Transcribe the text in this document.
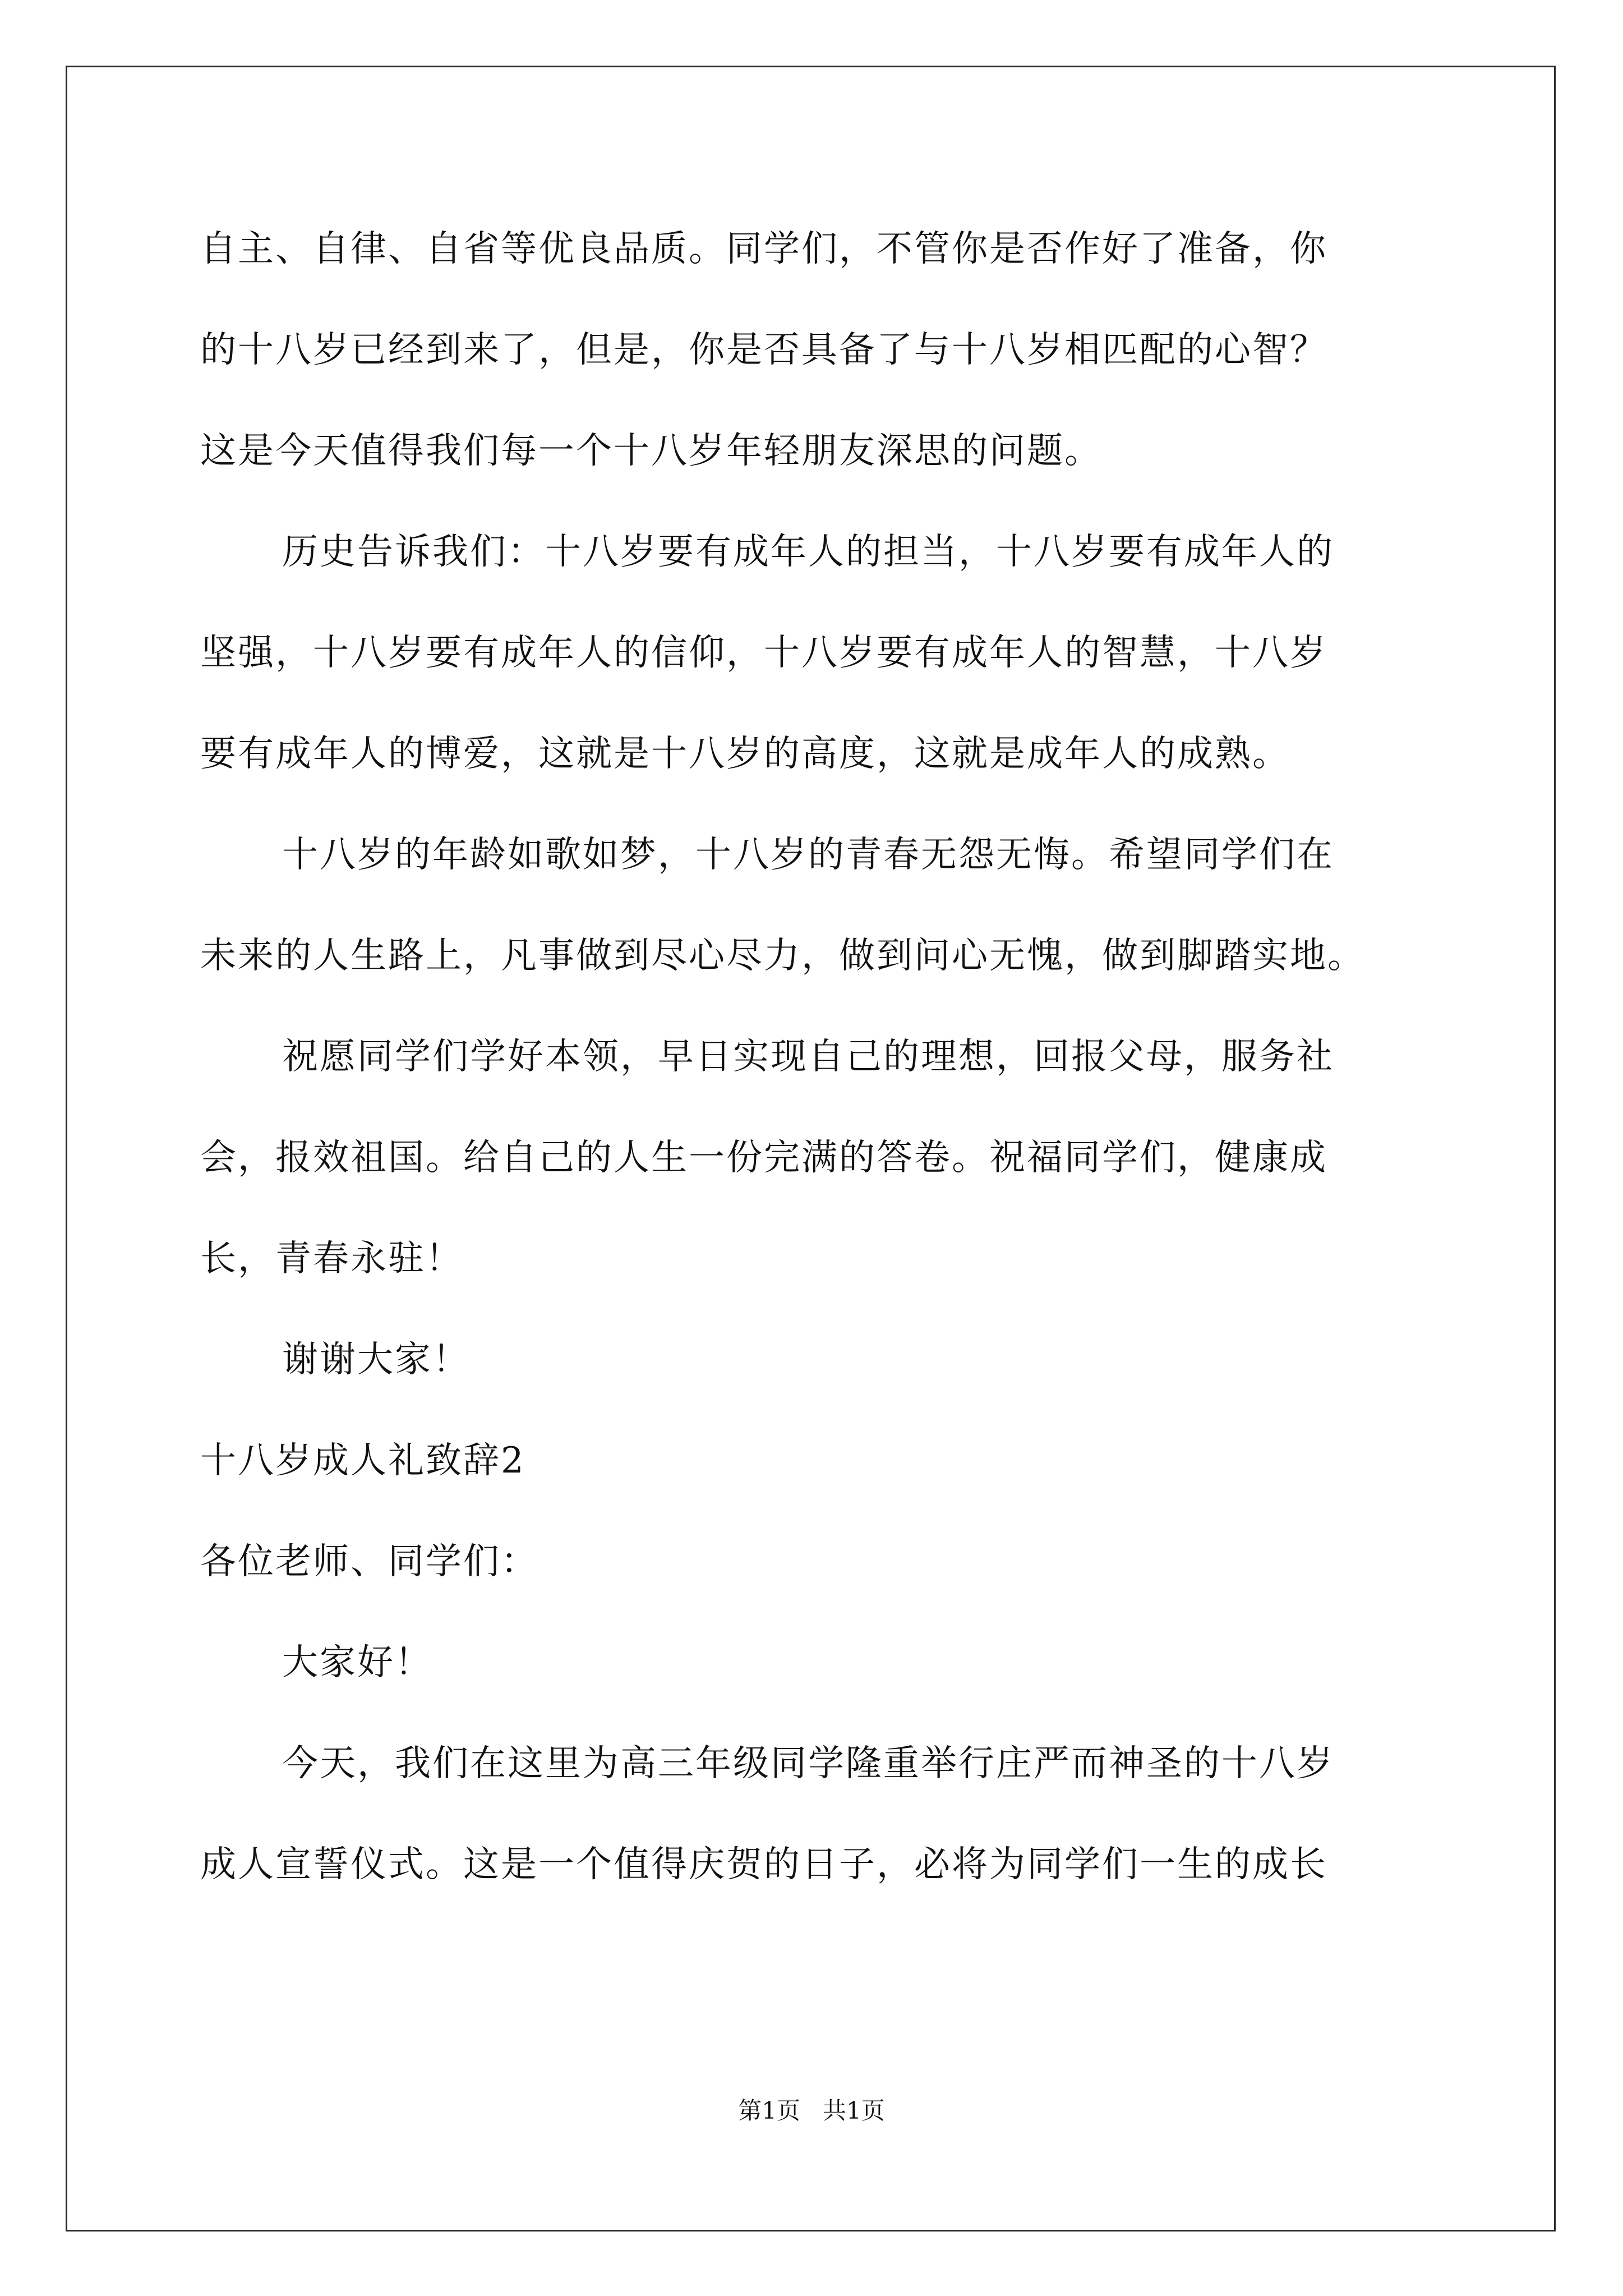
自主、自律、自省等优良品质。同学们，不管你是否作好了准备，你
的十八岁已经到来了，但是，你是否具备了与十八岁相匹配的心智？
这是今天值得我们每一个十八岁年轻朋友深思的问题。
历史告诉我们：十八岁要有成年人的担当，十八岁要有成年人的
坚强，十八岁要有成年人的信仰，十八岁要有成年人的智慧，十八岁
要有成年人的博爱，这就是十八岁的高度，这就是成年人的成熟。
十八岁的年龄如歌如梦，十八岁的青春无怨无悔。希望同学们在
未来的人生路上，凡事做到尽心尽力，做到问心无愧，做到脚踏实地。
祝愿同学们学好本领，早日实现自己的理想，回报父母，服务社
会，报效祖国。给自己的人生一份完满的答卷。祝福同学们，健康成
长，青春永驻！
谢谢大家！
十八岁成人礼致辞2
各位老师、同学们：
大家好！
今天，我们在这里为高三年级同学隆重举行庄严而神圣的十八岁
成人宣誓仪式。这是一个值得庆贺的日子，必将为同学们一生的成长
第1页   共1页
